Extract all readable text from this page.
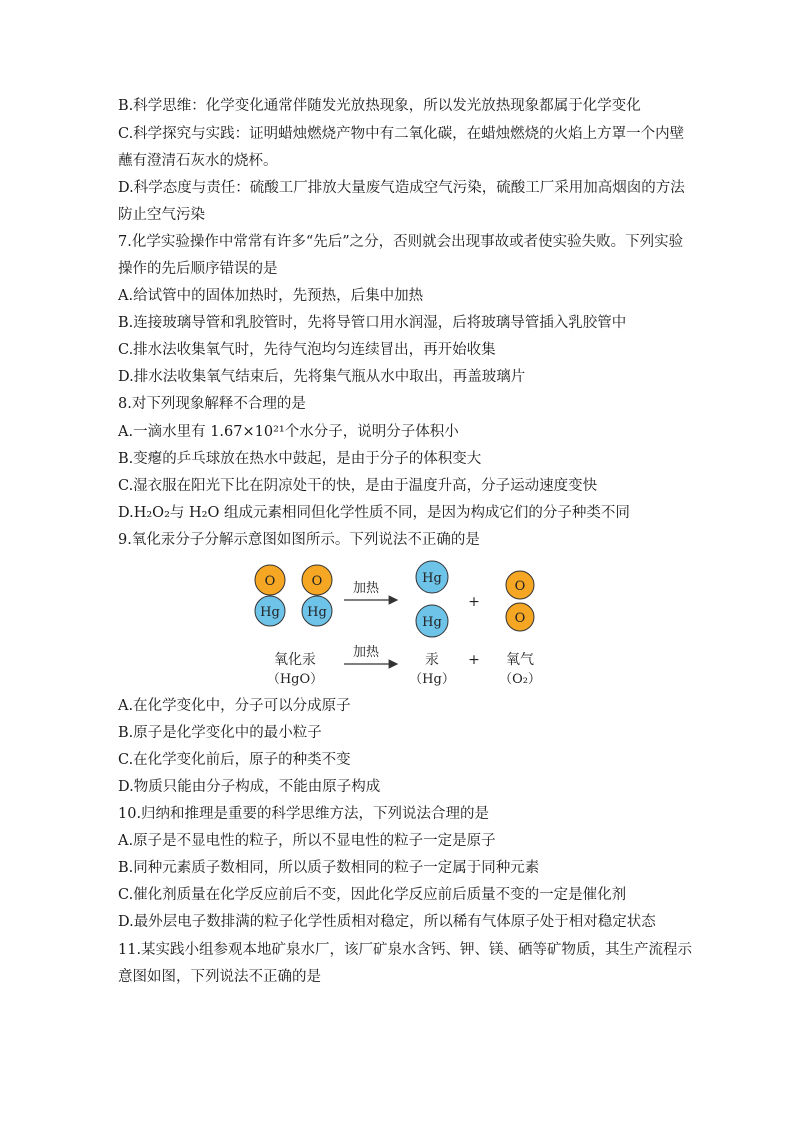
B.科学思维：化学变化通常伴随发光放热现象，所以发光放热现象都属于化学变化
C.科学探究与实践：证明蜡烛燃烧产物中有二氧化碳，在蜡烛燃烧的火焰上方罩一个内壁
蘸有澄清石灰水的烧杯。
D.科学态度与责任：硫酸工厂排放大量废气造成空气污染，硫酸工厂采用加高烟囱的方法
防止空气污染
7.化学实验操作中常常有许多“先后”之分，否则就会出现事故或者使实验失败。下列实验
操作的先后顺序错误的是
A.给试管中的固体加热时，先预热，后集中加热
B.连接玻璃导管和乳胶管时，先将导管口用水润湿，后将玻璃导管插入乳胶管中
C.排水法收集氧气时，先待气泡均匀连续冒出，再开始收集
D.排水法收集氧气结束后，先将集气瓶从水中取出，再盖玻璃片
8.对下列现象解释不合理的是
A.一滴水里有 1.67×10²¹个水分子，说明分子体积小
B.变瘪的乒乓球放在热水中鼓起，是由于分子的体积变大
C.湿衣服在阳光下比在阴凉处干的快，是由于温度升高，分子运动速度变快
D.H₂O₂与 H₂O 组成元素相同但化学性质不同，是因为构成它们的分子种类不同
9.氧化汞分子分解示意图如图所示。下列说法不正确的是
A.在化学变化中，分子可以分成原子
B.原子是化学变化中的最小粒子
C.在化学变化前后，原子的种类不变
D.物质只能由分子构成，不能由原子构成
10.归纳和推理是重要的科学思维方法，下列说法合理的是
A.原子是不显电性的粒子，所以不显电性的粒子一定是原子
B.同种元素质子数相同，所以质子数相同的粒子一定属于同种元素
C.催化剂质量在化学反应前后不变，因此化学反应前后质量不变的一定是催化剂
D.最外层电子数排满的粒子化学性质相对稳定，所以稀有气体原子处于相对稳定状态
11.某实践小组参观本地矿泉水厂，该厂矿泉水含钙、钾、镁、硒等矿物质，其生产流程示
意图如图，下列说法不正确的是
O
Hg
O
Hg
加热
Hg
Hg
+
O
O
氧化汞
（HgO）
加热	汞
（Hg）
+ 氧气
（O₂）
